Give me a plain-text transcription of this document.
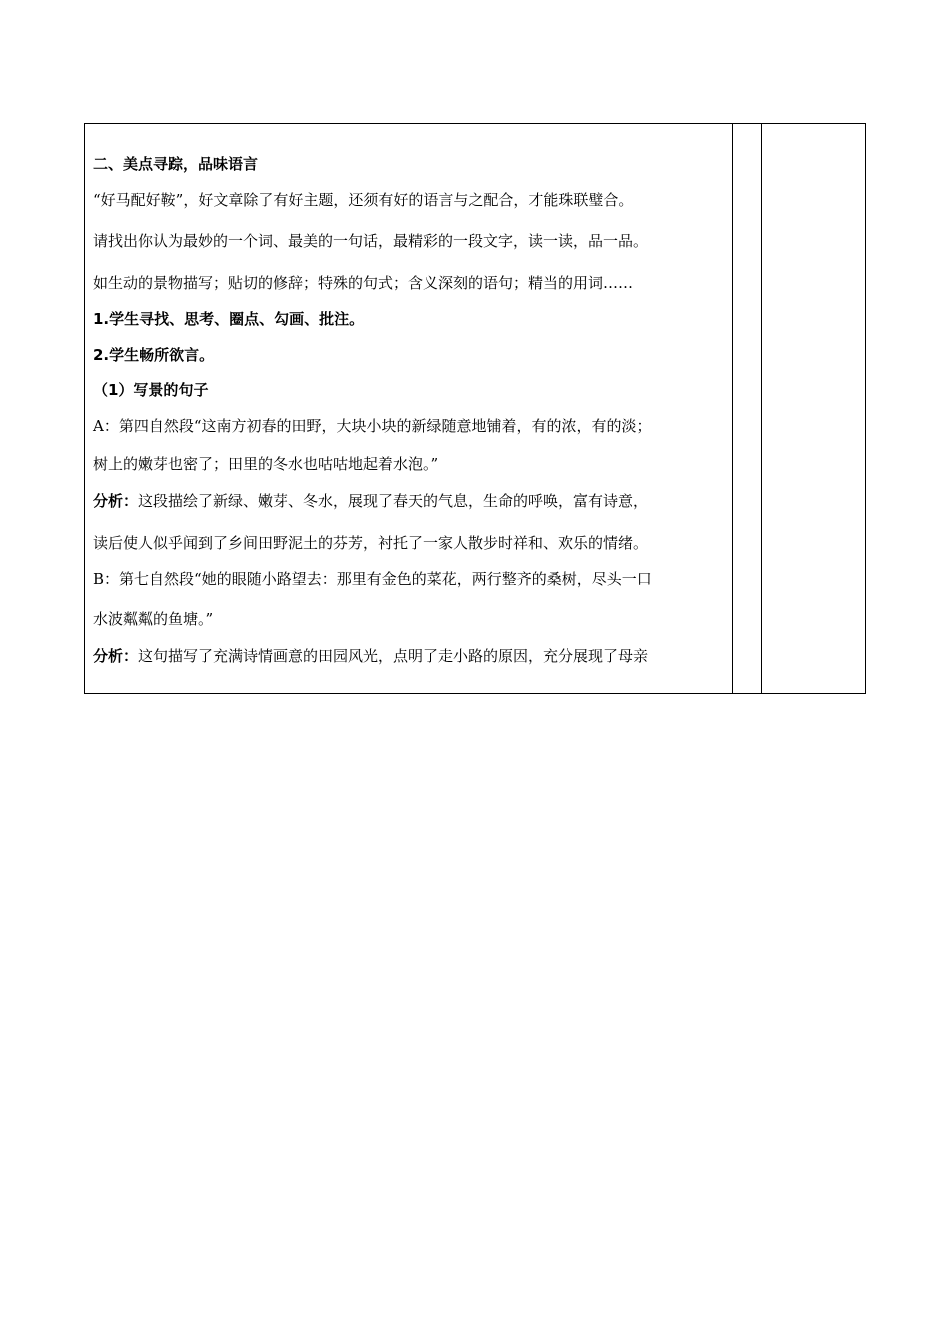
二、美点寻踪，品味语言
“好马配好鞍”，好文章除了有好主题，还须有好的语言与之配合，才能珠联璧合。
请找出你认为最妙的一个词、最美的一句话，最精彩的一段文字，读一读，品一品。
如生动的景物描写；贴切的修辞；特殊的句式；含义深刻的语句；精当的用词……
1.学生寻找、思考、圈点、勾画、批注。
2.学生畅所欲言。
（1）写景的句子
A：第四自然段“这南方初春的田野，大块小块的新绿随意地铺着，有的浓，有的淡；
树上的嫩芽也密了；田里的冬水也咕咕地起着水泡。”
分析：这段描绘了新绿、嫩芽、冬水，展现了春天的气息，生命的呼唤，富有诗意，
读后使人似乎闻到了乡间田野泥土的芬芳，衬托了一家人散步时祥和、欢乐的情绪。
B：第七自然段“她的眼随小路望去：那里有金色的菜花，两行整齐的桑树，尽头一口
水波粼粼的鱼塘。”
分析：这句描写了充满诗情画意的田园风光，点明了走小路的原因，充分展现了母亲
